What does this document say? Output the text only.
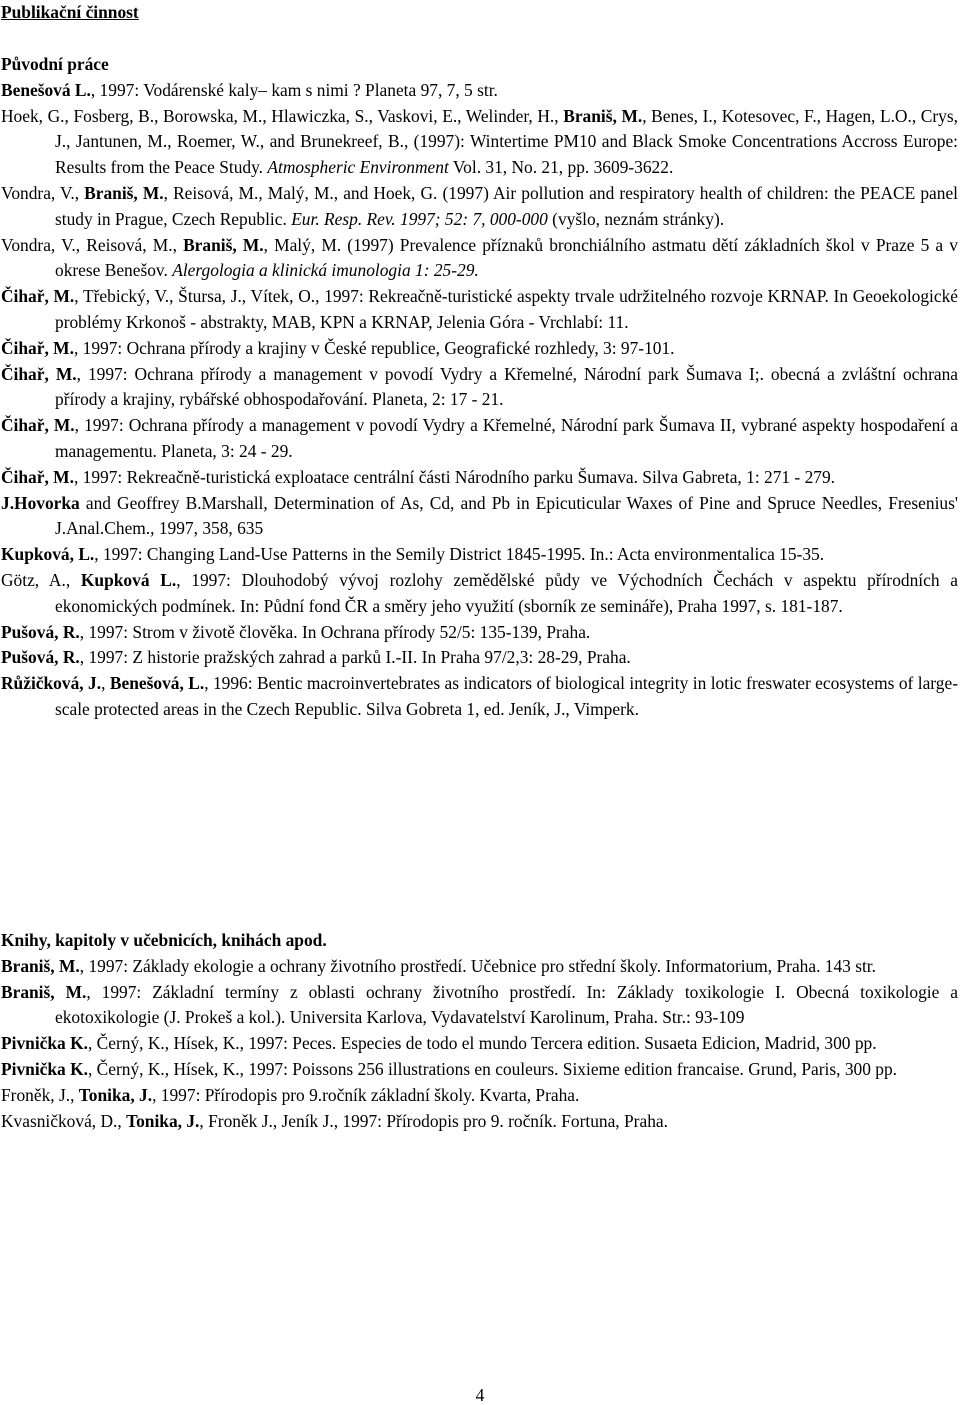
Publikační činnost
Původní práce

Benešová L., 1997: Vodárenské kaly– kam s nimi ? Planeta 97, 7, 5 str.

Hoek, G., Fosberg, B., Borowska, M., Hlawiczka, S., Vaskovi, E., Welinder, H., Braniš, M., Benes, I., Kotesovec, F., Hagen, L.O., Crys, J., Jantunen, M., Roemer, W., and Brunekreef, B., (1997): Wintertime PM10 and Black Smoke Concentrations Accross Europe: Results from the Peace Study. Atmospheric Environment Vol. 31, No. 21, pp. 3609-3622.

Vondra, V., Braniš, M., Reisová, M., Malý, M., and Hoek, G. (1997) Air pollution and respiratory health of children: the PEACE panel study in Prague, Czech Republic. Eur. Resp. Rev. 1997; 52: 7, 000-000 (vyšlo, neznám stránky).

Vondra, V., Reisová, M., Braniš, M., Malý, M. (1997) Prevalence příznaků bronchiálního astmatu dětí základních škol v Praze 5 a v okrese Benešov. Alergologia a klinická imunologia 1: 25-29.

Čihař, M., Třebický, V., Štursa, J., Vítek, O., 1997: Rekreačně-turistické aspekty trvale udržitelného rozvoje KRNAP. In Geoekologické problémy Krkonoš - abstrakty, MAB, KPN a KRNAP, Jelenia Góra - Vrchlabí: 11.

Čihař, M., 1997: Ochrana přírody a krajiny v České republice, Geografické rozhledy, 3: 97-101.

Čihař, M., 1997: Ochrana přírody a management v povodí Vydry a Křemelné, Národní park Šumava I;. obecná a zvláštní ochrana přírody a krajiny, rybářské obhospodařování. Planeta, 2: 17 - 21.

Čihař, M., 1997: Ochrana přírody a management v povodí Vydry a Křemelné, Národní park Šumava II, vybrané aspekty hospodaření a managementu. Planeta, 3: 24 - 29.

Čihař, M., 1997: Rekreačně-turistická exploatace centrální části Národního parku Šumava. Silva Gabreta, 1: 271 - 279.

J.Hovorka and Geoffrey B.Marshall, Determination of As, Cd, and Pb in Epicuticular Waxes of Pine and Spruce Needles, Fresenius' J.Anal.Chem., 1997, 358, 635

Kupková, L., 1997: Changing Land-Use Patterns in the Semily District 1845-1995. In.: Acta environmentalica 15-35.

Götz, A., Kupková L., 1997: Dlouhodobý vývoj rozlohy zemědělské půdy ve Východních Čechách v aspektu přírodních a ekonomických podmínek. In: Půdní fond ČR a směry jeho využití (sborník ze semináře), Praha 1997, s. 181-187.

Pušová, R., 1997: Strom v životě člověka. In Ochrana přírody 52/5: 135-139, Praha.

Pušová, R., 1997: Z historie pražských zahrad a parků I.-II. In Praha 97/2,3: 28-29, Praha.

Růžičková, J., Benešová, L., 1996: Bentic macroinvertebrates as indicators of biological integrity in lotic freswater ecosystems of large-scale protected areas in the Czech Republic. Silva Gobreta 1, ed. Jeník, J., Vimperk.

Knihy, kapitoly v učebnicích, knihách apod.

Braniš, M., 1997: Základy ekologie a ochrany životního prostředí. Učebnice pro střední školy. Informatorium, Praha. 143 str.

Braniš, M., 1997: Základní termíny z oblasti ochrany životního prostředí. In: Základy toxikologie I. Obecná toxikologie a ekotoxikologie (J. Prokeš a kol.). Universita Karlova, Vydavatelství Karolinum, Praha. Str.: 93-109

Pivnička K., Černý, K., Hísek, K., 1997: Peces. Especies de todo el mundo Tercera edition. Susaeta Edicion, Madrid, 300 pp.

Pivnička K., Černý, K., Hísek, K., 1997: Poissons 256 illustrations en couleurs. Sixieme edition francaise. Grund, Paris, 300 pp.

Froněk, J., Tonika, J., 1997: Přírodopis pro 9.ročník základní školy. Kvarta, Praha.

Kvasničková, D., Tonika, J., Froněk J., Jeník J., 1997: Přírodopis pro 9. ročník. Fortuna, Praha.

4
